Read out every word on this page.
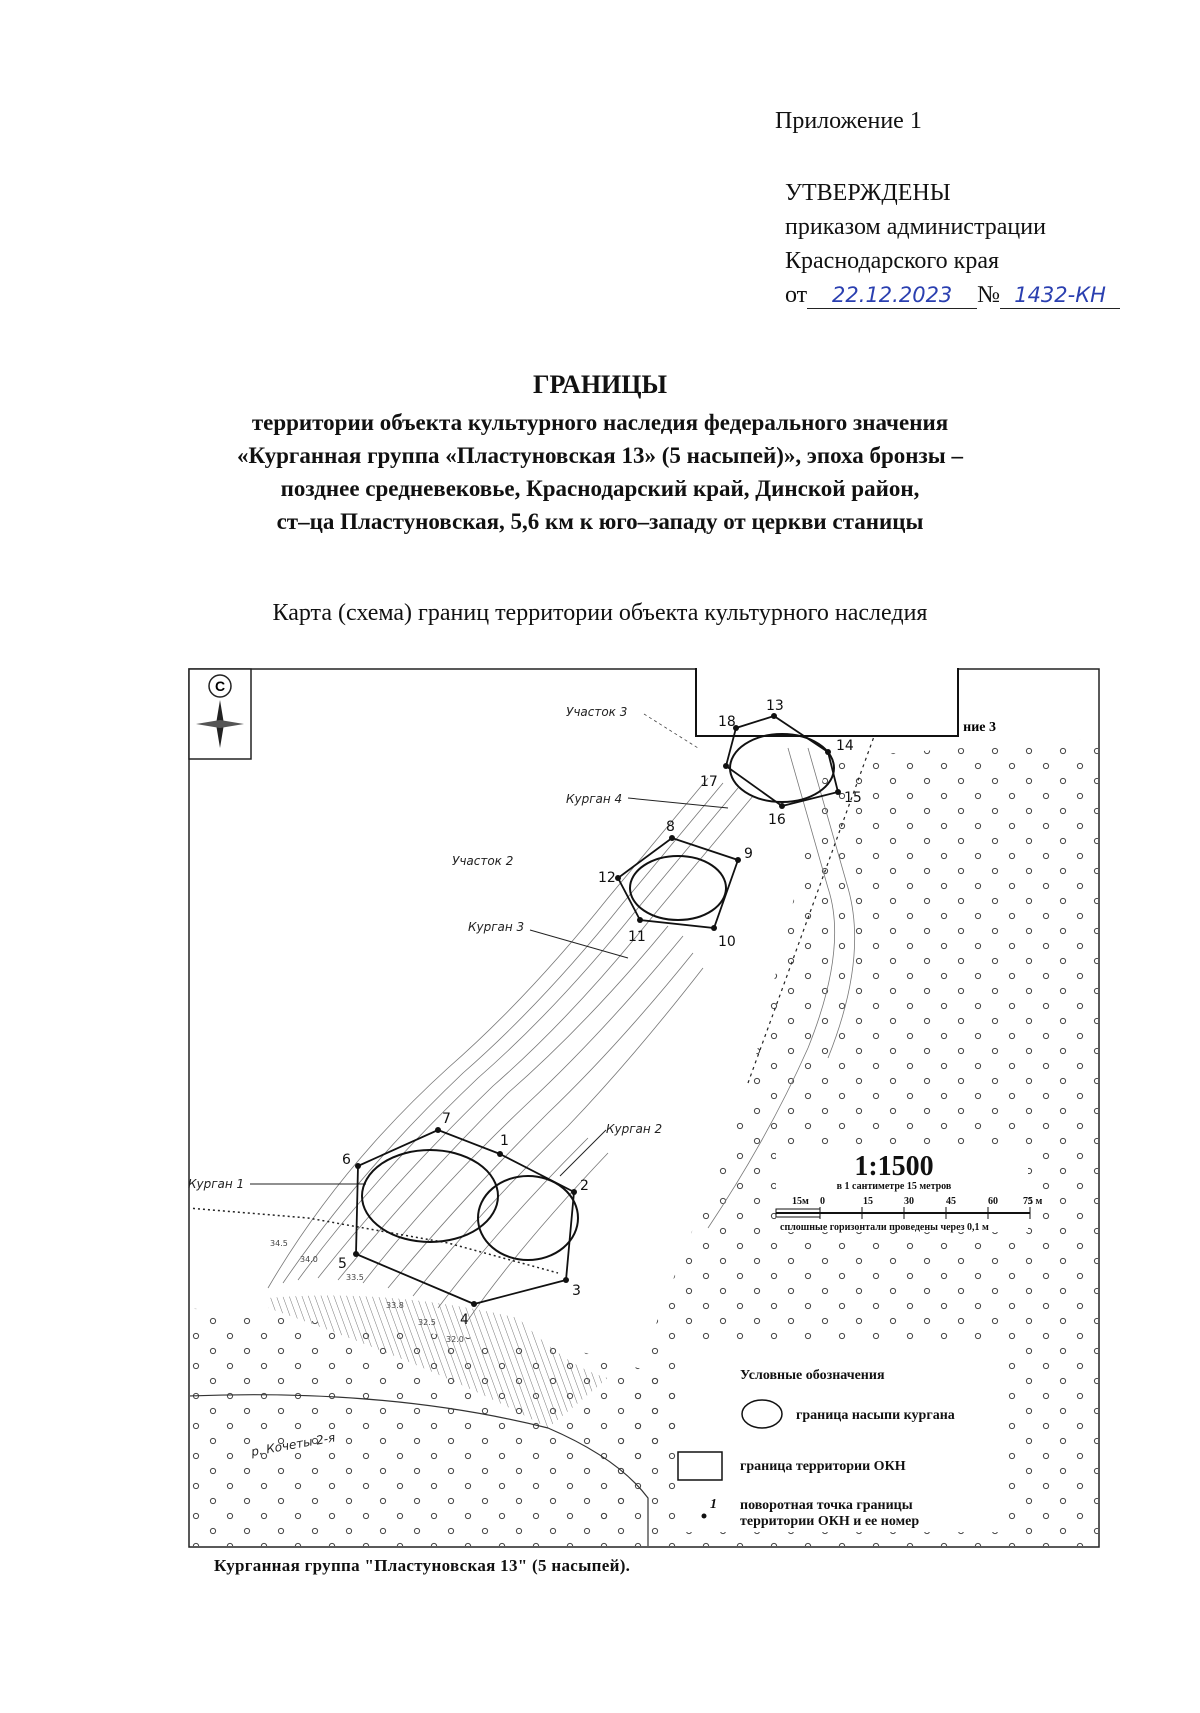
Приложение 1
УТВЕРЖДЕНЫ
приказом администрации
Краснодарского края
от 22.12.2023 № 1432-КН
ГРАНИЦЫ
территории объекта культурного наследия федерального значения
«Курганная группа «Пластуновская 13» (5 насыпей)», эпоха бронзы –
позднее средневековье, Краснодарский край, Динской район,
ст–ца Пластуновская, 5,6 км к юго–западу от церкви станицы
Карта (схема) границ территории объекта культурного наследия
С
ние 3
Участок 3
Участок 2
Курган 4
Курган 3
Курган 2
Курган 1
р. Кочеты 2-я
34.5
34.0
33.5
33.8
32.5
32.0
1
2
3
4
5
6
7
8
9
10
11
12
13
14
15
16
17
18
1:1500
в 1 сантиметре 15 метров
15м 0	15	30	45	60	75 м
сплошные горизонтали проведены через 0,1 м
Условные обозначения
граница насыпи кургана
граница территории ОКН
1 поворотная точка границы
территории ОКН и ее номер
Курганная группа "Пластуновская 13" (5 насыпей).
